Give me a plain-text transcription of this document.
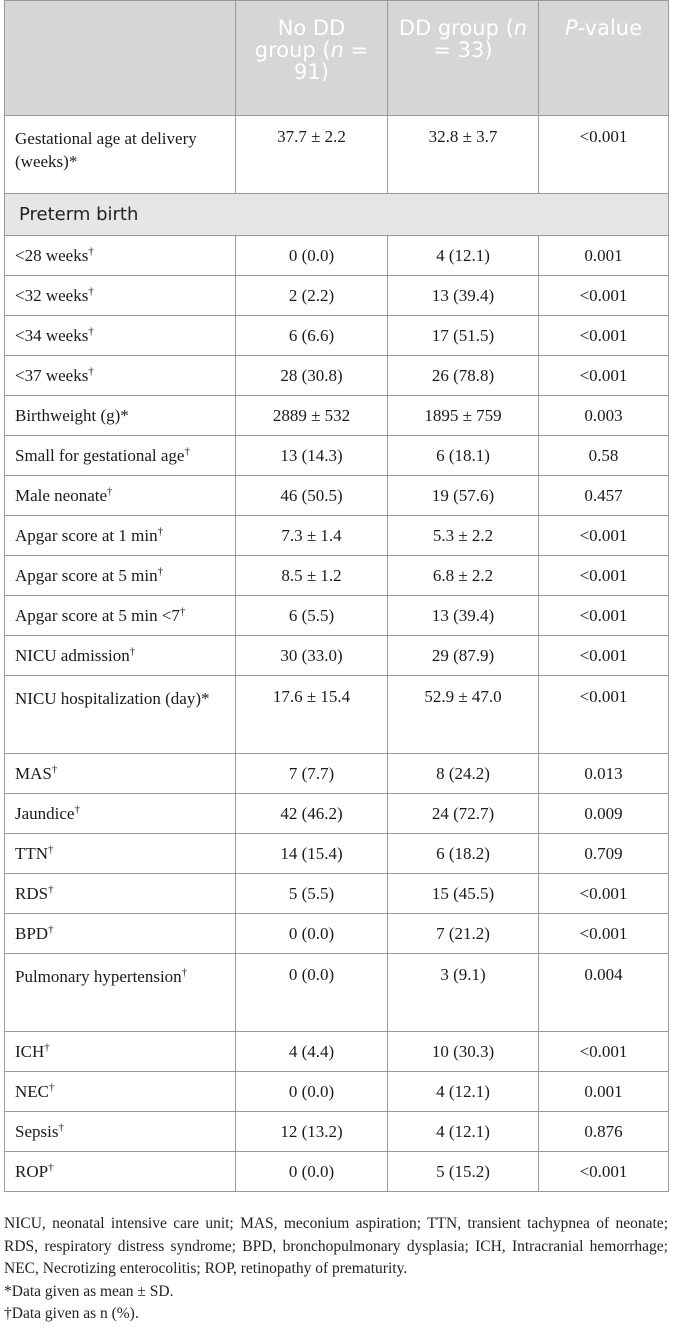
	No DD group (n = 91)	DD group (n = 33)	P-value
Gestational age at delivery (weeks)*	37.7 ± 2.2	32.8 ± 3.7	<0.001
Preterm birth			
<28 weeks†	0 (0.0)	4 (12.1)	0.001
<32 weeks†	2 (2.2)	13 (39.4)	<0.001
<34 weeks†	6 (6.6)	17 (51.5)	<0.001
<37 weeks†	28 (30.8)	26 (78.8)	<0.001
Birthweight (g)*	2889 ± 532	1895 ± 759	0.003
Small for gestational age†	13 (14.3)	6 (18.1)	0.58
Male neonate†	46 (50.5)	19 (57.6)	0.457
Apgar score at 1 min†	7.3 ± 1.4	5.3 ± 2.2	<0.001
Apgar score at 5 min†	8.5 ± 1.2	6.8 ± 2.2	<0.001
Apgar score at 5 min <7†	6 (5.5)	13 (39.4)	<0.001
NICU admission†	30 (33.0)	29 (87.9)	<0.001
NICU hospitalization (day)*	17.6 ± 15.4	52.9 ± 47.0	<0.001
MAS†	7 (7.7)	8 (24.2)	0.013
Jaundice†	42 (46.2)	24 (72.7)	0.009
TTN†	14 (15.4)	6 (18.2)	0.709
RDS†	5 (5.5)	15 (45.5)	<0.001
BPD†	0 (0.0)	7 (21.2)	<0.001
Pulmonary hypertension†	0 (0.0)	3 (9.1)	0.004
ICH†	4 (4.4)	10 (30.3)	<0.001
NEC†	0 (0.0)	4 (12.1)	0.001
Sepsis†	12 (13.2)	4 (12.1)	0.876
ROP†	0 (0.0)	5 (15.2)	<0.001

NICU, neonatal intensive care unit; MAS, meconium aspiration; TTN, transient tachypnea of neonate; RDS, respiratory distress syndrome; BPD, bronchopulmonary dysplasia; ICH, Intracranial hemorrhage; NEC, Necrotizing enterocolitis; ROP, retinopathy of prematurity.

*Data given as mean ± SD.

†Data given as n (%).
